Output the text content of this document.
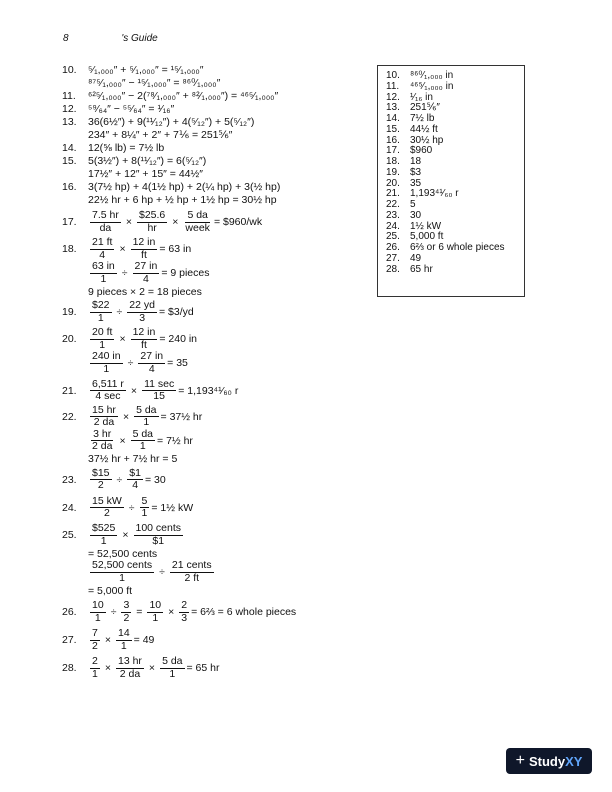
8	's Guide
10.	⁵⁄₁,₀₀₀″ + ⁵⁄₁,₀₀₀″ = ¹⁵⁄₁,₀₀₀″
⁸⁷⁵⁄₁,₀₀₀″ − ¹⁵⁄₁,₀₀₀″ = ⁸⁶⁰⁄₁,₀₀₀″
11.	⁶²⁵⁄₁,₀₀₀″ − 2(⁷⁸⁄₁,₀₀₀″ + ⁸²⁄₁,₀₀₀″) = ⁴⁶⁵⁄₁,₀₀₀″
12.	⁵⁹⁄₆₄″ − ⁵⁵⁄₆₄″ = ¹⁄₁₆″
13.	36(6½″) + 9(¹¹⁄₁₂″) + 4(⁵⁄₁₂″) + 5(⁵⁄₁₂″)
234″ + 8¼″ + 2″ + 7⅙ = 251⅚″
14.	12(⅝ lb) = 7½ lb
15.	5(3½″) + 8(¹¹⁄₁₂″) = 6(⁵⁄₁₂″)
17½″ + 12″ + 15″ = 44½″
16.	3(7½ hp) + 4(1½ hp) + 2(¼ hp) + 3(½ hp)
22½ hr + 6 hp + ½ hp + 1½ hp = 30½ hp
17.	$\frac{7.5 hr}{da} \times \frac{\$25.6}{hr} \times \frac{5 da}{\text{week}}$ = $960/wk
18.	$\frac{21 ft}{4} \times \frac{12 in}{ft} = 63$ in
$\frac{63 in}{1} \div \frac{27 in}{4} = 9$ pieces
9 pieces × 2 = 18 pieces
19.	$\frac{\$22}{1} \div \frac{22 yd}{3}$ = $3/yd
20.	$\frac{20 ft}{1} \times \frac{12 in}{ft} = 240$ in
$\frac{240 in}{1} \div \frac{27 in}{4} = 35$
21.	$\frac{6,511 r}{4 \sec} \times \frac{11 \sec}{15}$ = 1,193⁴¹⁄₆₀ r
22.	$\frac{15 hr}{2 da} \times \frac{5 da}{1}$ = 37½ hr
$\frac{3 hr}{2 da} \times \frac{5 da}{1}$ = 7½ hr
37½ hr + 7½ hr = 5
23.	$\frac{\$15}{2} \div \frac{\$1}{4} = 30$
24.	$\frac{15 kW}{2} \div \frac{5}{1}$ = 1½ kW
25.	$\frac{\$525}{1} \times \frac{\text{100 cents}}{\$1}$
= 52,500 cents
$\frac{\text{52,500 cents}}{1} \div \frac{\text{21 cents}}{2 ft}$
= 5,000 ft
26.	$\frac{10}{1} \div \frac{3}{2} = \frac{10}{1} \times \frac{2}{3}$ = 6⅔ = 6 whole pieces
27.	$\frac{7}{2} \times \frac{14}{1} = 49$
28.	$\frac{2}{1} \times \frac{13 hr}{2 da} \times \frac{5 da}{1} = 65$ hr
10.	⁸⁶⁰⁄₁,₀₀₀ in
11.	⁴⁶⁵⁄₁,₀₀₀ in
12.	¹⁄₁₆ in
13.	251⅚″
14.	7½ lb
15.	44½ ft
16.	30½ hp
17.	$960
18.	18
19.	$3
20.	35
21.	1,193⁴¹⁄₆₀ r
22.	5
23.	30
24.	1½ kW
25.	5,000 ft
26.	6⅔ or 6 whole pieces
27.	49
28.	65 hr
+ Study XY
